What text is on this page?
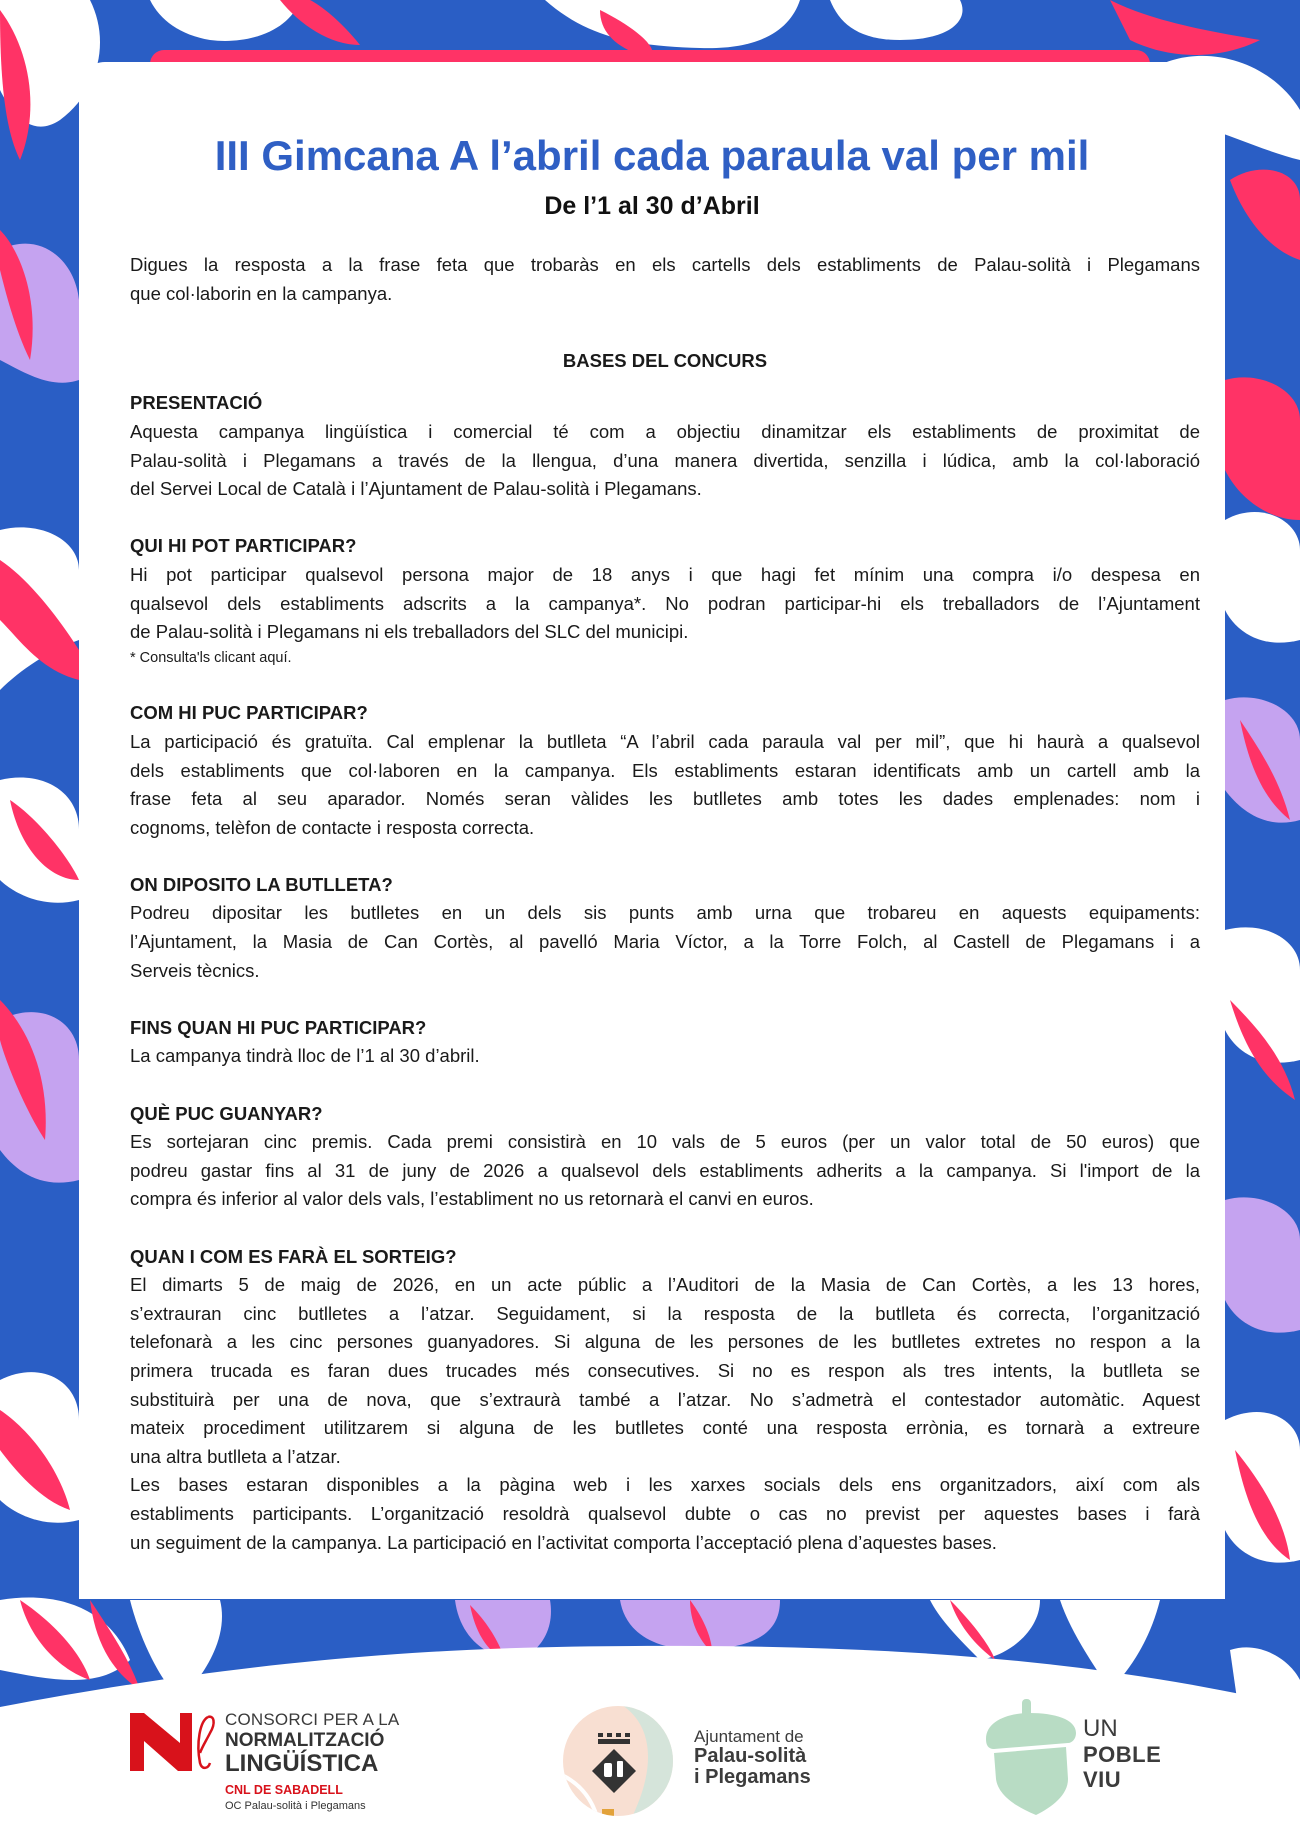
III Gimcana A l’abril cada paraula val per mil
De l’1 al 30 d’Abril
Digues la resposta a la frase feta que trobaràs en els cartells dels establiments de Palau-solità i Plegamans
que col·laborin en la campanya.
BASES DEL CONCURS
PRESENTACIÓ
Aquesta campanya lingüística i comercial té com a objectiu dinamitzar els establiments de proximitat de
Palau-solità i Plegamans a través de la llengua, d’una manera divertida, senzilla i lúdica, amb la col·laboració
del Servei Local de Català i l’Ajuntament de Palau-solità i Plegamans.
QUI HI POT PARTICIPAR?
Hi pot participar qualsevol persona major de 18 anys i que hagi fet mínim una compra i/o despesa en
qualsevol dels establiments adscrits a la campanya*. No podran participar-hi els treballadors de l’Ajuntament
de Palau-solità i Plegamans ni els treballadors del SLC del municipi.
* Consulta'ls clicant aquí.
COM HI PUC PARTICIPAR?
La participació és gratuïta. Cal emplenar la butlleta “A l’abril cada paraula val per mil”, que hi haurà a qualsevol
dels establiments que col·laboren en la campanya. Els establiments estaran identificats amb un cartell amb la
frase feta al seu aparador. Només seran vàlides les butlletes amb totes les dades emplenades: nom i
cognoms, telèfon de contacte i resposta correcta.
ON DIPOSITO LA BUTLLETA?
Podreu dipositar les butlletes en un dels sis punts amb urna que trobareu en aquests equipaments:
l’Ajuntament, la Masia de Can Cortès, al pavelló Maria Víctor, a la Torre Folch, al Castell de Plegamans i a
Serveis tècnics.
FINS QUAN HI PUC PARTICIPAR?
La campanya tindrà lloc de l’1 al 30 d’abril.
QUÈ PUC GUANYAR?
Es sortejaran cinc premis. Cada premi consistirà en 10 vals de 5 euros (per un valor total de 50 euros) que
podreu gastar fins al 31 de juny de 2026 a qualsevol dels establiments adherits a la campanya. Si l'import de la
compra és inferior al valor dels vals, l’establiment no us retornarà el canvi en euros.
QUAN I COM ES FARÀ EL SORTEIG?
El dimarts 5 de maig de 2026, en un acte públic a l’Auditori de la Masia de Can Cortès, a les 13 hores,
s’extrauran cinc butlletes a l’atzar. Seguidament, si la resposta de la butlleta és correcta, l’organització
telefonarà a les cinc persones guanyadores. Si alguna de les persones de les butlletes extretes no respon a la
primera trucada es faran dues trucades més consecutives. Si no es respon als tres intents, la butlleta se
substituirà per una de nova, que s’extraurà també a l’atzar. No s’admetrà el contestador automàtic. Aquest
mateix procediment utilitzarem si alguna de les butlletes conté una resposta errònia, es tornarà a extreure
una altra butlleta a l’atzar.
Les bases estaran disponibles a la pàgina web i les xarxes socials dels ens organitzadors, així com als
establiments participants. L’organització resoldrà qualsevol dubte o cas no previst per aquestes bases i farà
un seguiment de la campanya. La participació en l’activitat comporta l’acceptació plena d’aquestes bases.
CONSORCI PER A LA
NORMALITZACIÓ
LINGÜÍSTICA
CNL DE SABADELL
OC Palau-solità i Plegamans
Ajuntament de
Palau-solità
i Plegamans
UN
POBLE
VIU
